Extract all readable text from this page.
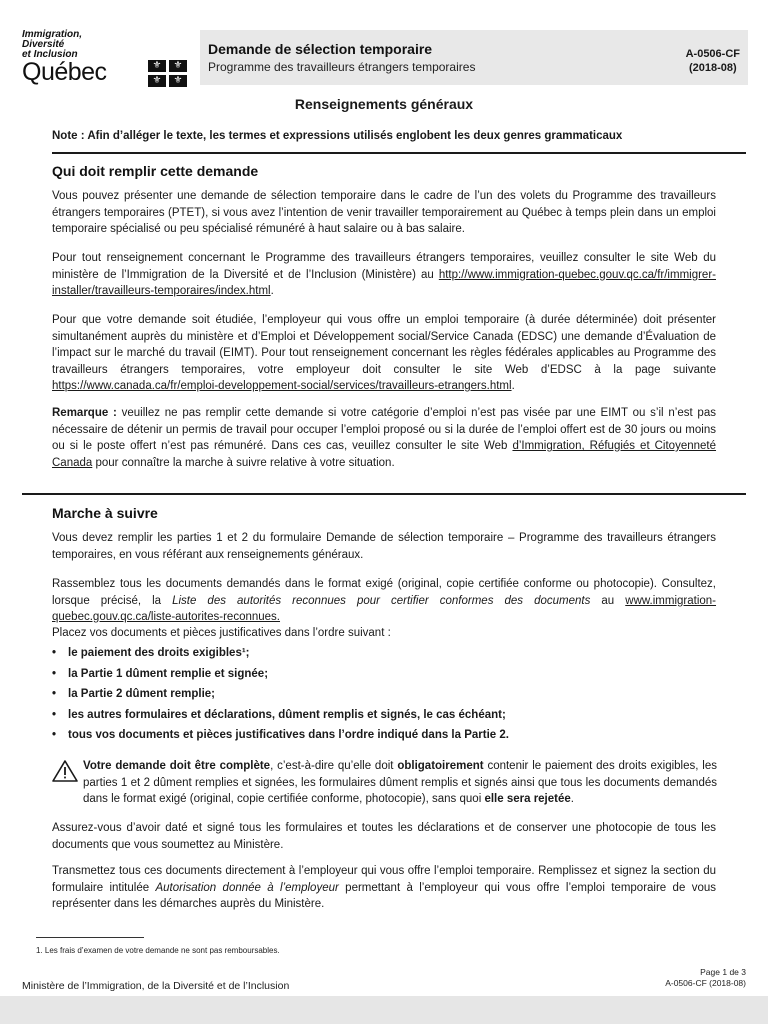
Immigration,
Diversité
et Inclusion
Québec	⚜	⚜
⚜	⚜
Demande de sélection temporaire
Programme des travailleurs étrangers temporaires
A-0506-CF
(2018-08)
Renseignements généraux
Note : Afin d’alléger le texte, les termes et expressions utilisés englobent les deux genres grammaticaux
Qui doit remplir cette demande
Vous pouvez présenter une demande de sélection temporaire dans le cadre de l’un des volets du Programme des travailleurs étrangers temporaires (PTET), si vous avez l’intention de venir travailler temporairement au Québec à temps plein dans un emploi temporaire spécialisé ou peu spécialisé rémunéré à haut salaire ou à bas salaire.
Pour tout renseignement concernant le Programme des travailleurs étrangers temporaires, veuillez consulter le site Web du ministère de l’Immigration de la Diversité et de l’Inclusion (Ministère) au http://www.immigration-quebec.gouv.qc.ca/fr/immigrer-installer/travailleurs-temporaires/index.html.
Pour que votre demande soit étudiée, l’employeur qui vous offre un emploi temporaire (à durée déterminée) doit présenter simultanément auprès du ministère et d’Emploi et Développement social/Service Canada (EDSC) une demande d’Évaluation de l’impact sur le marché du travail (EIMT). Pour tout renseignement concernant les règles fédérales applicables au Programme des travailleurs étrangers temporaires, votre employeur doit consulter le site Web d’EDSC à la page suivante https://www.canada.ca/fr/emploi-developpement-social/services/travailleurs-etrangers.html.
Remarque : veuillez ne pas remplir cette demande si votre catégorie d’emploi n’est pas visée par une EIMT ou s’il n’est pas nécessaire de détenir un permis de travail pour occuper l’emploi proposé ou si la durée de l’emploi offert est de 30 jours ou moins ou si le poste offert n’est pas rémunéré. Dans ces cas, veuillez consulter le site Web d’Immigration, Réfugiés et Citoyenneté Canada pour connaître la marche à suivre relative à votre situation.
Marche à suivre
Vous devez remplir les parties 1 et 2 du formulaire Demande de sélection temporaire – Programme des travailleurs étrangers temporaires, en vous référant aux renseignements généraux.
Rassemblez tous les documents demandés dans le format exigé (original, copie certifiée conforme ou photocopie). Consultez, lorsque précisé, la Liste des autorités reconnues pour certifier conformes des documents au www.immigration-quebec.gouv.qc.ca/liste-autorites-reconnues.
Placez vos documents et pièces justificatives dans l’ordre suivant :
• le paiement des droits exigibles¹;
• la Partie 1 dûment remplie et signée;
• la Partie 2 dûment remplie;
• les autres formulaires et déclarations, dûment remplis et signés, le cas échéant;
• tous vos documents et pièces justificatives dans l’ordre indiqué dans la Partie 2.
Votre demande doit être complète, c’est-à-dire qu’elle doit obligatoirement contenir le paiement des droits exigibles, les parties 1 et 2 dûment remplies et signées, les formulaires dûment remplis et signés ainsi que tous les documents demandés dans le format exigé (original, copie certifiée conforme, photocopie), sans quoi elle sera rejetée.
Assurez-vous d’avoir daté et signé tous les formulaires et toutes les déclarations et de conserver une photocopie de tous les documents que vous soumettez au Ministère.
Transmettez tous ces documents directement à l’employeur qui vous offre l’emploi temporaire. Remplissez et signez la section du formulaire intitulée Autorisation donnée à l’employeur permettant à l’employeur qui vous offre l’emploi temporaire de vous représenter dans les démarches auprès du Ministère.
1. Les frais d’examen de votre demande ne sont pas remboursables.
Page 1 de 3
A-0506-CF (2018-08)
Ministère de l’Immigration, de la Diversité et de l’Inclusion
